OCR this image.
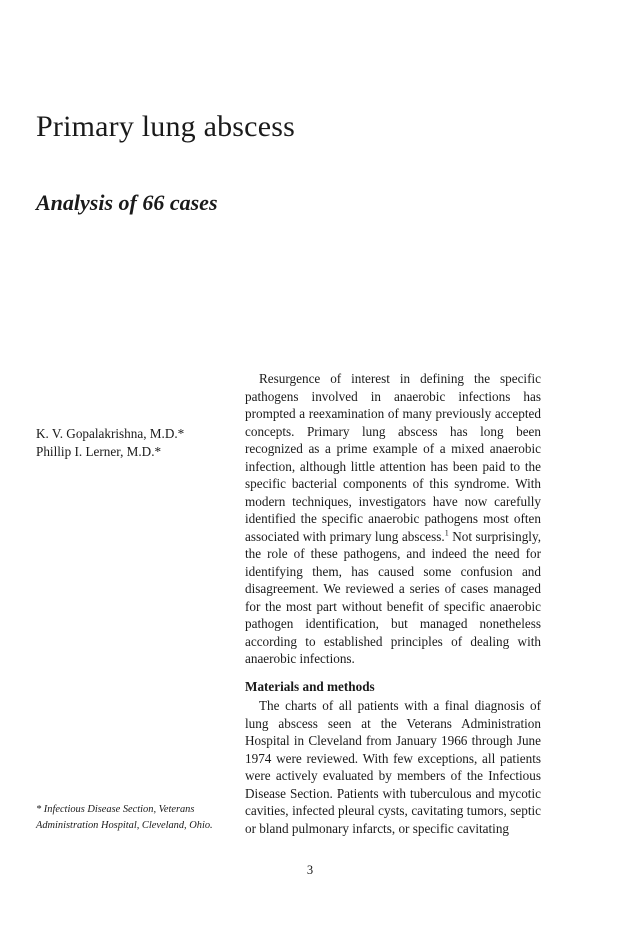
Primary lung abscess
Analysis of 66 cases
K. V. Gopalakrishna, M.D.*
Phillip I. Lerner, M.D.*
* Infectious Disease Section, Veterans Administration Hospital, Cleveland, Ohio.

Resurgence of interest in defining the specific pathogens involved in anaerobic infections has prompted a reexamination of many previously accepted concepts. Primary lung abscess has long been recognized as a prime example of a mixed anaerobic infection, although little attention has been paid to the specific bacterial components of this syndrome. With modern techniques, investigators have now carefully identified the specific anaerobic pathogens most often associated with primary lung abscess.$^1$ Not surprisingly, the role of these pathogens, and indeed the need for identifying them, has caused some confusion and disagreement. We reviewed a series of cases managed for the most part without benefit of specific anaerobic pathogen identification, but managed nonetheless according to established principles of dealing with anaerobic infections.

Materials and methods

The charts of all patients with a final diagnosis of lung abscess seen at the Veterans Administration Hospital in Cleveland from January 1966 through June 1974 were reviewed. With few exceptions, all patients were actively evaluated by members of the Infectious Disease Section. Patients with tuberculous and mycotic cavities, infected pleural cysts, cavitating tumors, septic or bland pulmonary infarcts, or specific cavitating

3
